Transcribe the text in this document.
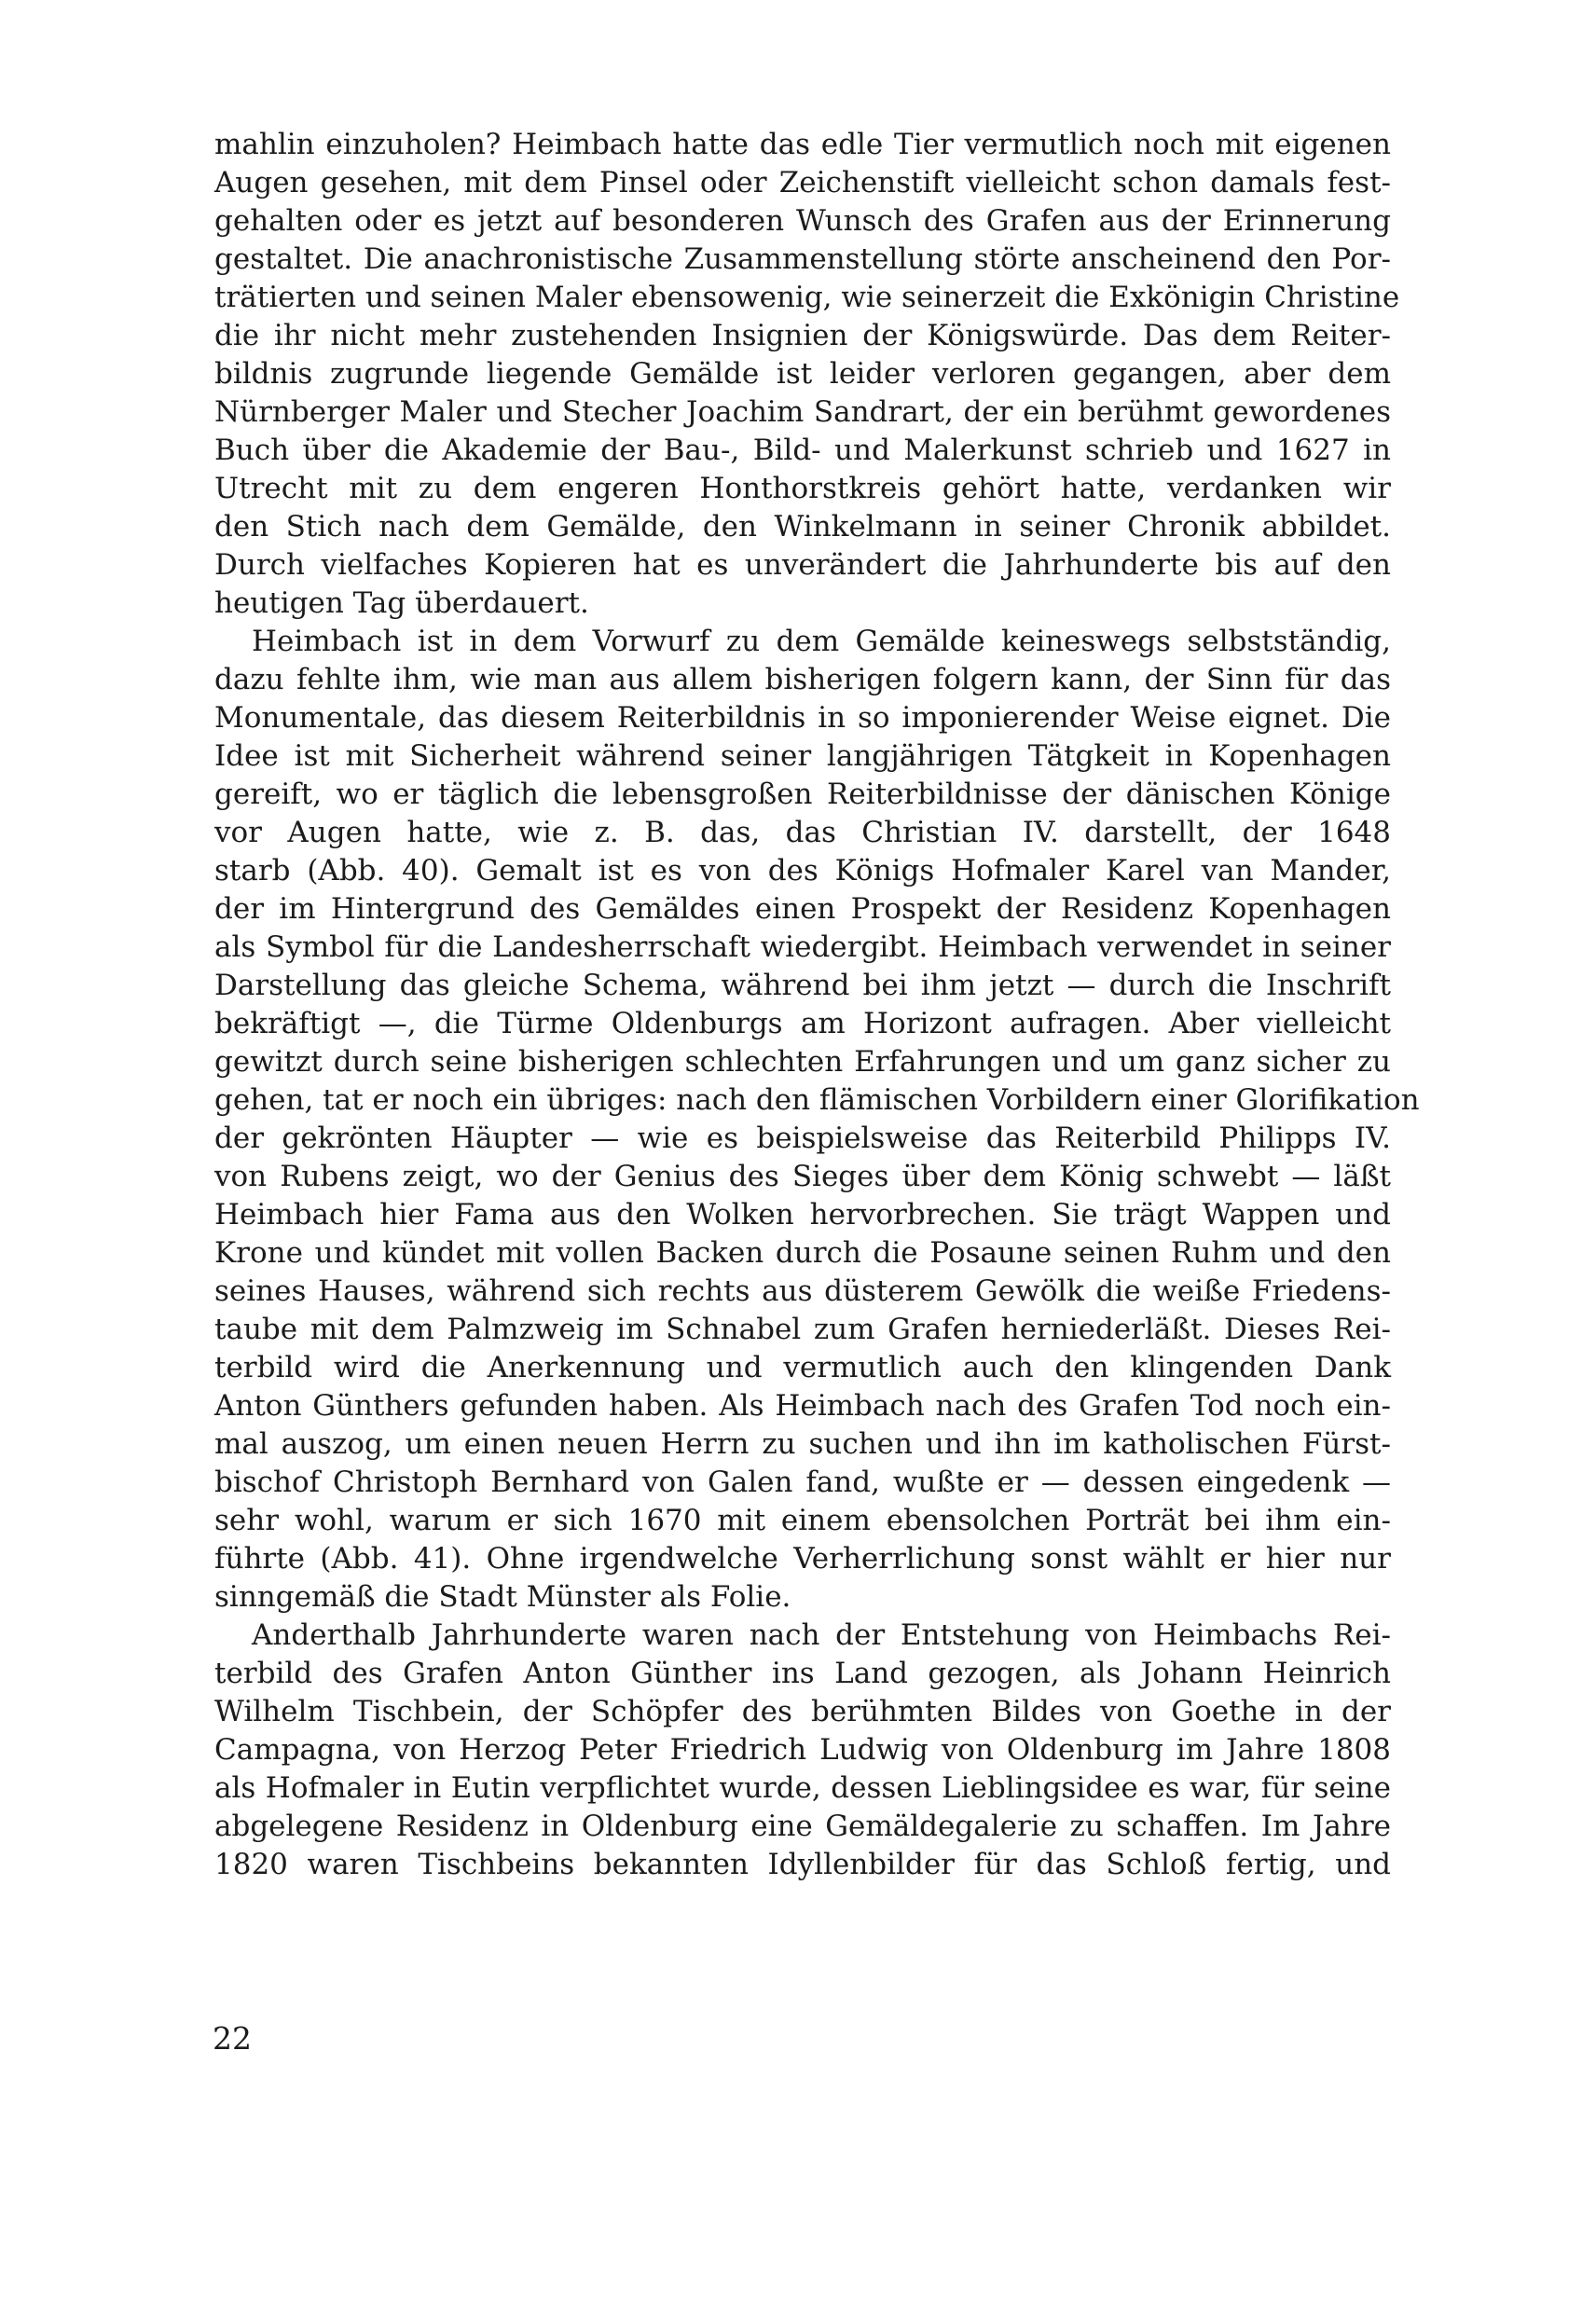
mahlin einzuholen? Heimbach hatte das edle Tier vermutlich noch mit eigenen
Augen gesehen, mit dem Pinsel oder Zeichenstift vielleicht schon damals fest-
gehalten oder es jetzt auf besonderen Wunsch des Grafen aus der Erinnerung
gestaltet. Die anachronistische Zusammenstellung störte anscheinend den Por-
trätierten und seinen Maler ebensowenig, wie seinerzeit die Exkönigin Christine
die ihr nicht mehr zustehenden Insignien der Königswürde. Das dem Reiter-
bildnis zugrunde liegende Gemälde ist leider verloren gegangen, aber dem
Nürnberger Maler und Stecher Joachim Sandrart, der ein berühmt gewordenes
Buch über die Akademie der Bau-, Bild- und Malerkunst schrieb und 1627 in
Utrecht mit zu dem engeren Honthorstkreis gehört hatte, verdanken wir
den Stich nach dem Gemälde, den Winkelmann in seiner Chronik abbildet.
Durch vielfaches Kopieren hat es unverändert die Jahrhunderte bis auf den
heutigen Tag überdauert.
Heimbach ist in dem Vorwurf zu dem Gemälde keineswegs selbstständig,
dazu fehlte ihm, wie man aus allem bisherigen folgern kann, der Sinn für das
Monumentale, das diesem Reiterbildnis in so imponierender Weise eignet. Die
Idee ist mit Sicherheit während seiner langjährigen Tätgkeit in Kopenhagen
gereift, wo er täglich die lebensgroßen Reiterbildnisse der dänischen Könige
vor Augen hatte, wie z. B. das, das Christian IV. darstellt, der 1648
starb (Abb. 40). Gemalt ist es von des Königs Hofmaler Karel van Mander,
der im Hintergrund des Gemäldes einen Prospekt der Residenz Kopenhagen
als Symbol für die Landesherrschaft wiedergibt. Heimbach verwendet in seiner
Darstellung das gleiche Schema, während bei ihm jetzt — durch die Inschrift
bekräftigt —, die Türme Oldenburgs am Horizont aufragen. Aber vielleicht
gewitzt durch seine bisherigen schlechten Erfahrungen und um ganz sicher zu
gehen, tat er noch ein übriges: nach den flämischen Vorbildern einer Glorifikation
der gekrönten Häupter — wie es beispielsweise das Reiterbild Philipps IV.
von Rubens zeigt, wo der Genius des Sieges über dem König schwebt — läßt
Heimbach hier Fama aus den Wolken hervorbrechen. Sie trägt Wappen und
Krone und kündet mit vollen Backen durch die Posaune seinen Ruhm und den
seines Hauses, während sich rechts aus düsterem Gewölk die weiße Friedens-
taube mit dem Palmzweig im Schnabel zum Grafen herniederläßt. Dieses Rei-
terbild wird die Anerkennung und vermutlich auch den klingenden Dank
Anton Günthers gefunden haben. Als Heimbach nach des Grafen Tod noch ein-
mal auszog, um einen neuen Herrn zu suchen und ihn im katholischen Fürst-
bischof Christoph Bernhard von Galen fand, wußte er — dessen eingedenk —
sehr wohl, warum er sich 1670 mit einem ebensolchen Porträt bei ihm ein-
führte (Abb. 41). Ohne irgendwelche Verherrlichung sonst wählt er hier nur
sinngemäß die Stadt Münster als Folie.
Anderthalb Jahrhunderte waren nach der Entstehung von Heimbachs Rei-
terbild des Grafen Anton Günther ins Land gezogen, als Johann Heinrich
Wilhelm Tischbein, der Schöpfer des berühmten Bildes von Goethe in der
Campagna, von Herzog Peter Friedrich Ludwig von Oldenburg im Jahre 1808
als Hofmaler in Eutin verpflichtet wurde, dessen Lieblingsidee es war, für seine
abgelegene Residenz in Oldenburg eine Gemäldegalerie zu schaffen. Im Jahre
1820 waren Tischbeins bekannten Idyllenbilder für das Schloß fertig, und
22
